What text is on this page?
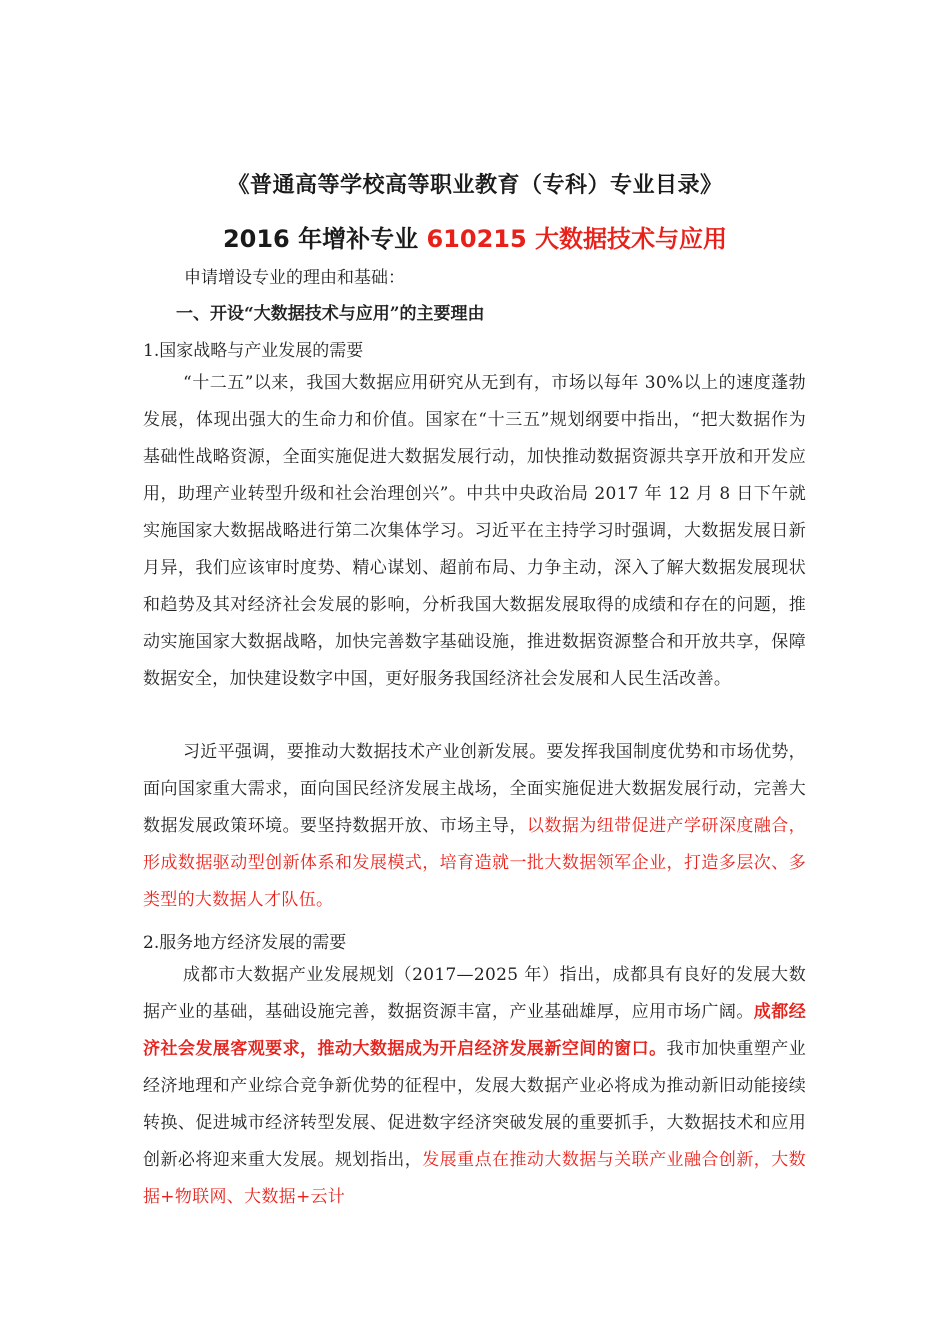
《普通高等学校高等职业教育（专科）专业目录》
2016 年增补专业 610215 大数据技术与应用

申请增设专业的理由和基础：

一、开设“大数据技术与应用”的主要理由

1.国家战略与产业发展的需要

“十二五”以来，我国大数据应用研究从无到有，市场以每年 30%以上的速度蓬勃发展，体现出强大的生命力和价值。国家在“十三五”规划纲要中指出，“把大数据作为基础性战略资源，全面实施促进大数据发展行动，加快推动数据资源共享开放和开发应用，助理产业转型升级和社会治理创兴”。中共中央政治局 2017 年 12 月 8 日下午就实施国家大数据战略进行第二次集体学习。习近平在主持学习时强调，大数据发展日新月异，我们应该审时度势、精心谋划、超前布局、力争主动，深入了解大数据发展现状和趋势及其对经济社会发展的影响，分析我国大数据发展取得的成绩和存在的问题，推动实施国家大数据战略，加快完善数字基础设施，推进数据资源整合和开放共享，保障数据安全，加快建设数字中国，更好服务我国经济社会发展和人民生活改善。

习近平强调，要推动大数据技术产业创新发展。要发挥我国制度优势和市场优势，面向国家重大需求，面向国民经济发展主战场，全面实施促进大数据发展行动，完善大数据发展政策环境。要坚持数据开放、市场主导，以数据为纽带促进产学研深度融合，形成数据驱动型创新体系和发展模式，培育造就一批大数据领军企业，打造多层次、多类型的大数据人才队伍。

2.服务地方经济发展的需要

成都市大数据产业发展规划（2017—2025 年）指出，成都具有良好的发展大数据产业的基础，基础设施完善，数据资源丰富，产业基础雄厚，应用市场广阔。成都经济社会发展客观要求，推动大数据成为开启经济发展新空间的窗口。我市加快重塑产业经济地理和产业综合竞争新优势的征程中，发展大数据产业必将成为推动新旧动能接续转换、促进城市经济转型发展、促进数字经济突破发展的重要抓手，大数据技术和应用创新必将迎来重大发展。规划指出，发展重点在推动大数据与关联产业融合创新，大数据+物联网、大数据+云计
